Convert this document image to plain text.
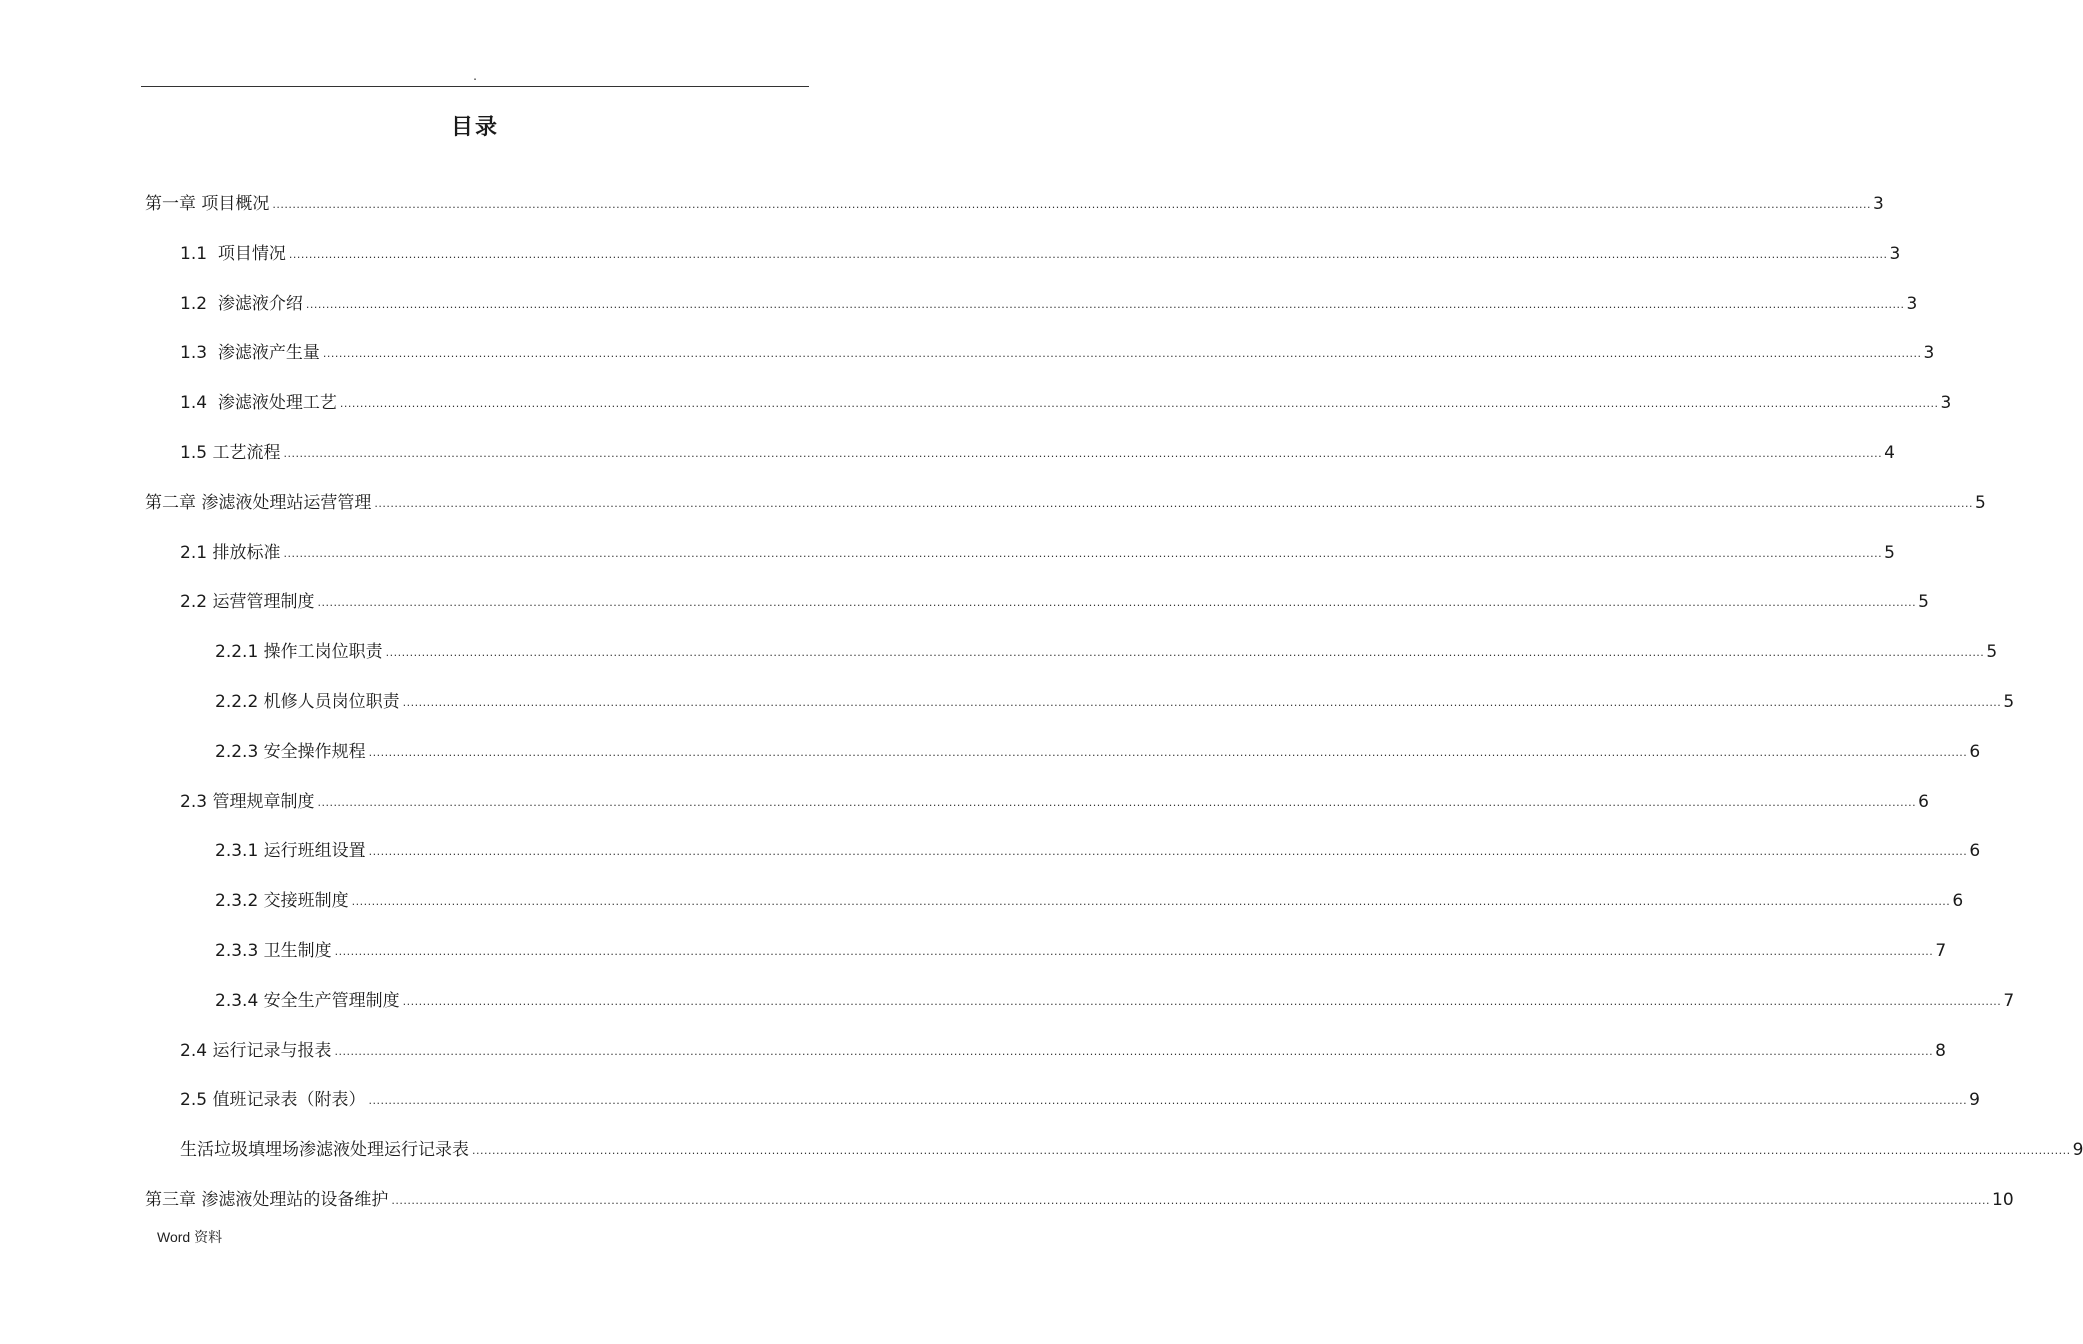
.
目录
第一章 项目概况 ................................................................................................................................................................................................................................................................................................................................................................................................................ 3
1.1  项目情况 ................................................................................................................................................................................................................................................................................................................................................................................................................ 3
1.2  渗滤液介绍 ................................................................................................................................................................................................................................................................................................................................................................................................................ 3
1.3  渗滤液产生量 ................................................................................................................................................................................................................................................................................................................................................................................................................ 3
1.4  渗滤液处理工艺 ................................................................................................................................................................................................................................................................................................................................................................................................................ 3
1.5 工艺流程 ................................................................................................................................................................................................................................................................................................................................................................................................................ 4
第二章 渗滤液处理站运营管理 ................................................................................................................................................................................................................................................................................................................................................................................................................ 5
2.1 排放标准 ................................................................................................................................................................................................................................................................................................................................................................................................................ 5
2.2 运营管理制度 ................................................................................................................................................................................................................................................................................................................................................................................................................ 5
2.2.1 操作工岗位职责 ................................................................................................................................................................................................................................................................................................................................................................................................................ 5
2.2.2 机修人员岗位职责 ................................................................................................................................................................................................................................................................................................................................................................................................................ 5
2.2.3 安全操作规程 ................................................................................................................................................................................................................................................................................................................................................................................................................ 6
2.3 管理规章制度 ................................................................................................................................................................................................................................................................................................................................................................................................................ 6
2.3.1 运行班组设置 ................................................................................................................................................................................................................................................................................................................................................................................................................ 6
2.3.2 交接班制度 ................................................................................................................................................................................................................................................................................................................................................................................................................ 6
2.3.3 卫生制度 ................................................................................................................................................................................................................................................................................................................................................................................................................ 7
2.3.4 安全生产管理制度 ................................................................................................................................................................................................................................................................................................................................................................................................................ 7
2.4 运行记录与报表 ................................................................................................................................................................................................................................................................................................................................................................................................................ 8
2.5 值班记录表（附表） ................................................................................................................................................................................................................................................................................................................................................................................................................ 9
生活垃圾填埋场渗滤液处理运行记录表 ................................................................................................................................................................................................................................................................................................................................................................................................................ 9
第三章 渗滤液处理站的设备维护 ................................................................................................................................................................................................................................................................................................................................................................................................................ 10
Word 资料
